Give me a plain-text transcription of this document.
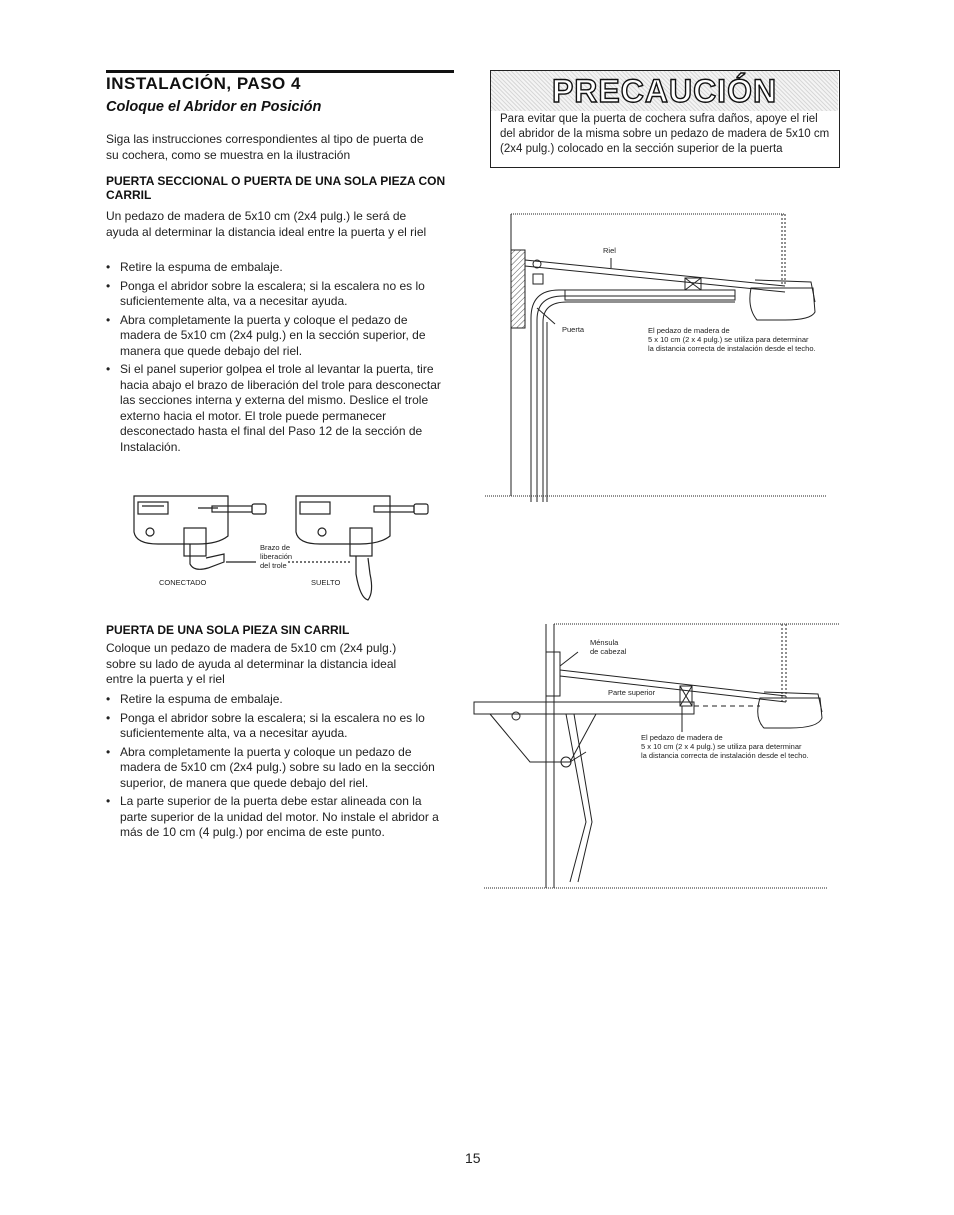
INSTALACIÓN, PASO 4
Coloque el Abridor en Posición
Siga las instrucciones correspondientes al tipo de puerta de su cochera, como se muestra en la ilustración
PUERTA SECCIONAL O PUERTA DE UNA SOLA PIEZA CON CARRIL
Un pedazo de madera de 5x10 cm (2x4 pulg.) le será de ayuda al determinar la distancia ideal entre la puerta y el riel
• Retire la espuma de embalaje.
• Ponga el abridor sobre la escalera; si la escalera no es lo suficientemente alta, va a necesitar ayuda.
• Abra completamente la puerta y coloque el pedazo de madera de 5x10 cm (2x4 pulg.) en la sección superior, de manera que quede debajo del riel.
• Si el panel superior golpea el trole al levantar la puerta, tire hacia abajo el brazo de liberación del trole para desconectar las secciones interna y externa del mismo. Deslice el trole externo hacia el motor. El trole puede permanecer desconectado hasta el final del Paso 12 de la sección de Instalación.
Brazo de
liberación
del trole
CONECTADO	SUELTO
PUERTA DE UNA SOLA PIEZA SIN CARRIL
Coloque un pedazo de madera de 5x10 cm (2x4 pulg.) sobre su lado de ayuda al determinar la distancia ideal entre la puerta y el riel
• Retire la espuma de embalaje.
• Ponga el abridor sobre la escalera; si la escalera no es lo suficientemente alta, va a necesitar ayuda.
• Abra completamente la puerta y coloque un pedazo de madera de 5x10 cm (2x4 pulg.) sobre su lado en la sección superior, de manera que quede debajo del riel.
• La parte superior de la puerta debe estar alineada con la parte superior de la unidad del motor. No instale el abridor a más de 10 cm (4 pulg.) por encima de este punto.
PRECAUCIÓN
Para evitar que la puerta de cochera sufra daños, apoye el riel del abridor de la misma sobre un pedazo de madera de 5x10 cm (2x4 pulg.) colocado en la sección superior de la puerta
Riel
Puerta	El pedazo de madera de
5 x 10 cm (2 x 4 pulg.) se utiliza para determinar
la distancia correcta de instalación desde el techo.
Ménsula
de cabezal
Parte superior
El pedazo de madera de
5 x 10 cm (2 x 4 pulg.) se utiliza para determinar
la distancia correcta de instalación desde el techo.
15
